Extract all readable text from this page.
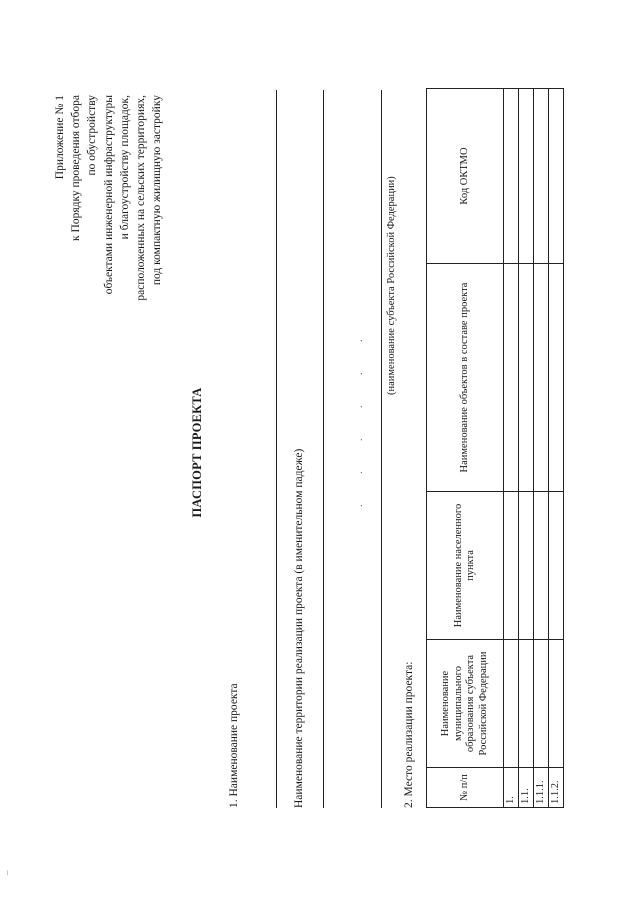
–
Приложение № 1 к Порядку проведения отбора по обустройству объектами инженерной инфраструктуры и благоустройству площадок, расположенных на сельских территориях, под компактную жилищную застройку
ПАСПОРТ ПРОЕКТА
1. Наименование проекта	Наименование территории реализации проекта (в именительном падеже)
. . . . . .
(наименование субъекта Российской Федерации)
2. Место реализации проекта:	№ п/п	Наименование муниципального образования субъекта Российской Федерации	Наименование населенного пункта	Наименование объектов в составе проекта	Код ОКТМО
1.				
1.1.				
1.1.1.				
1.1.2.				
